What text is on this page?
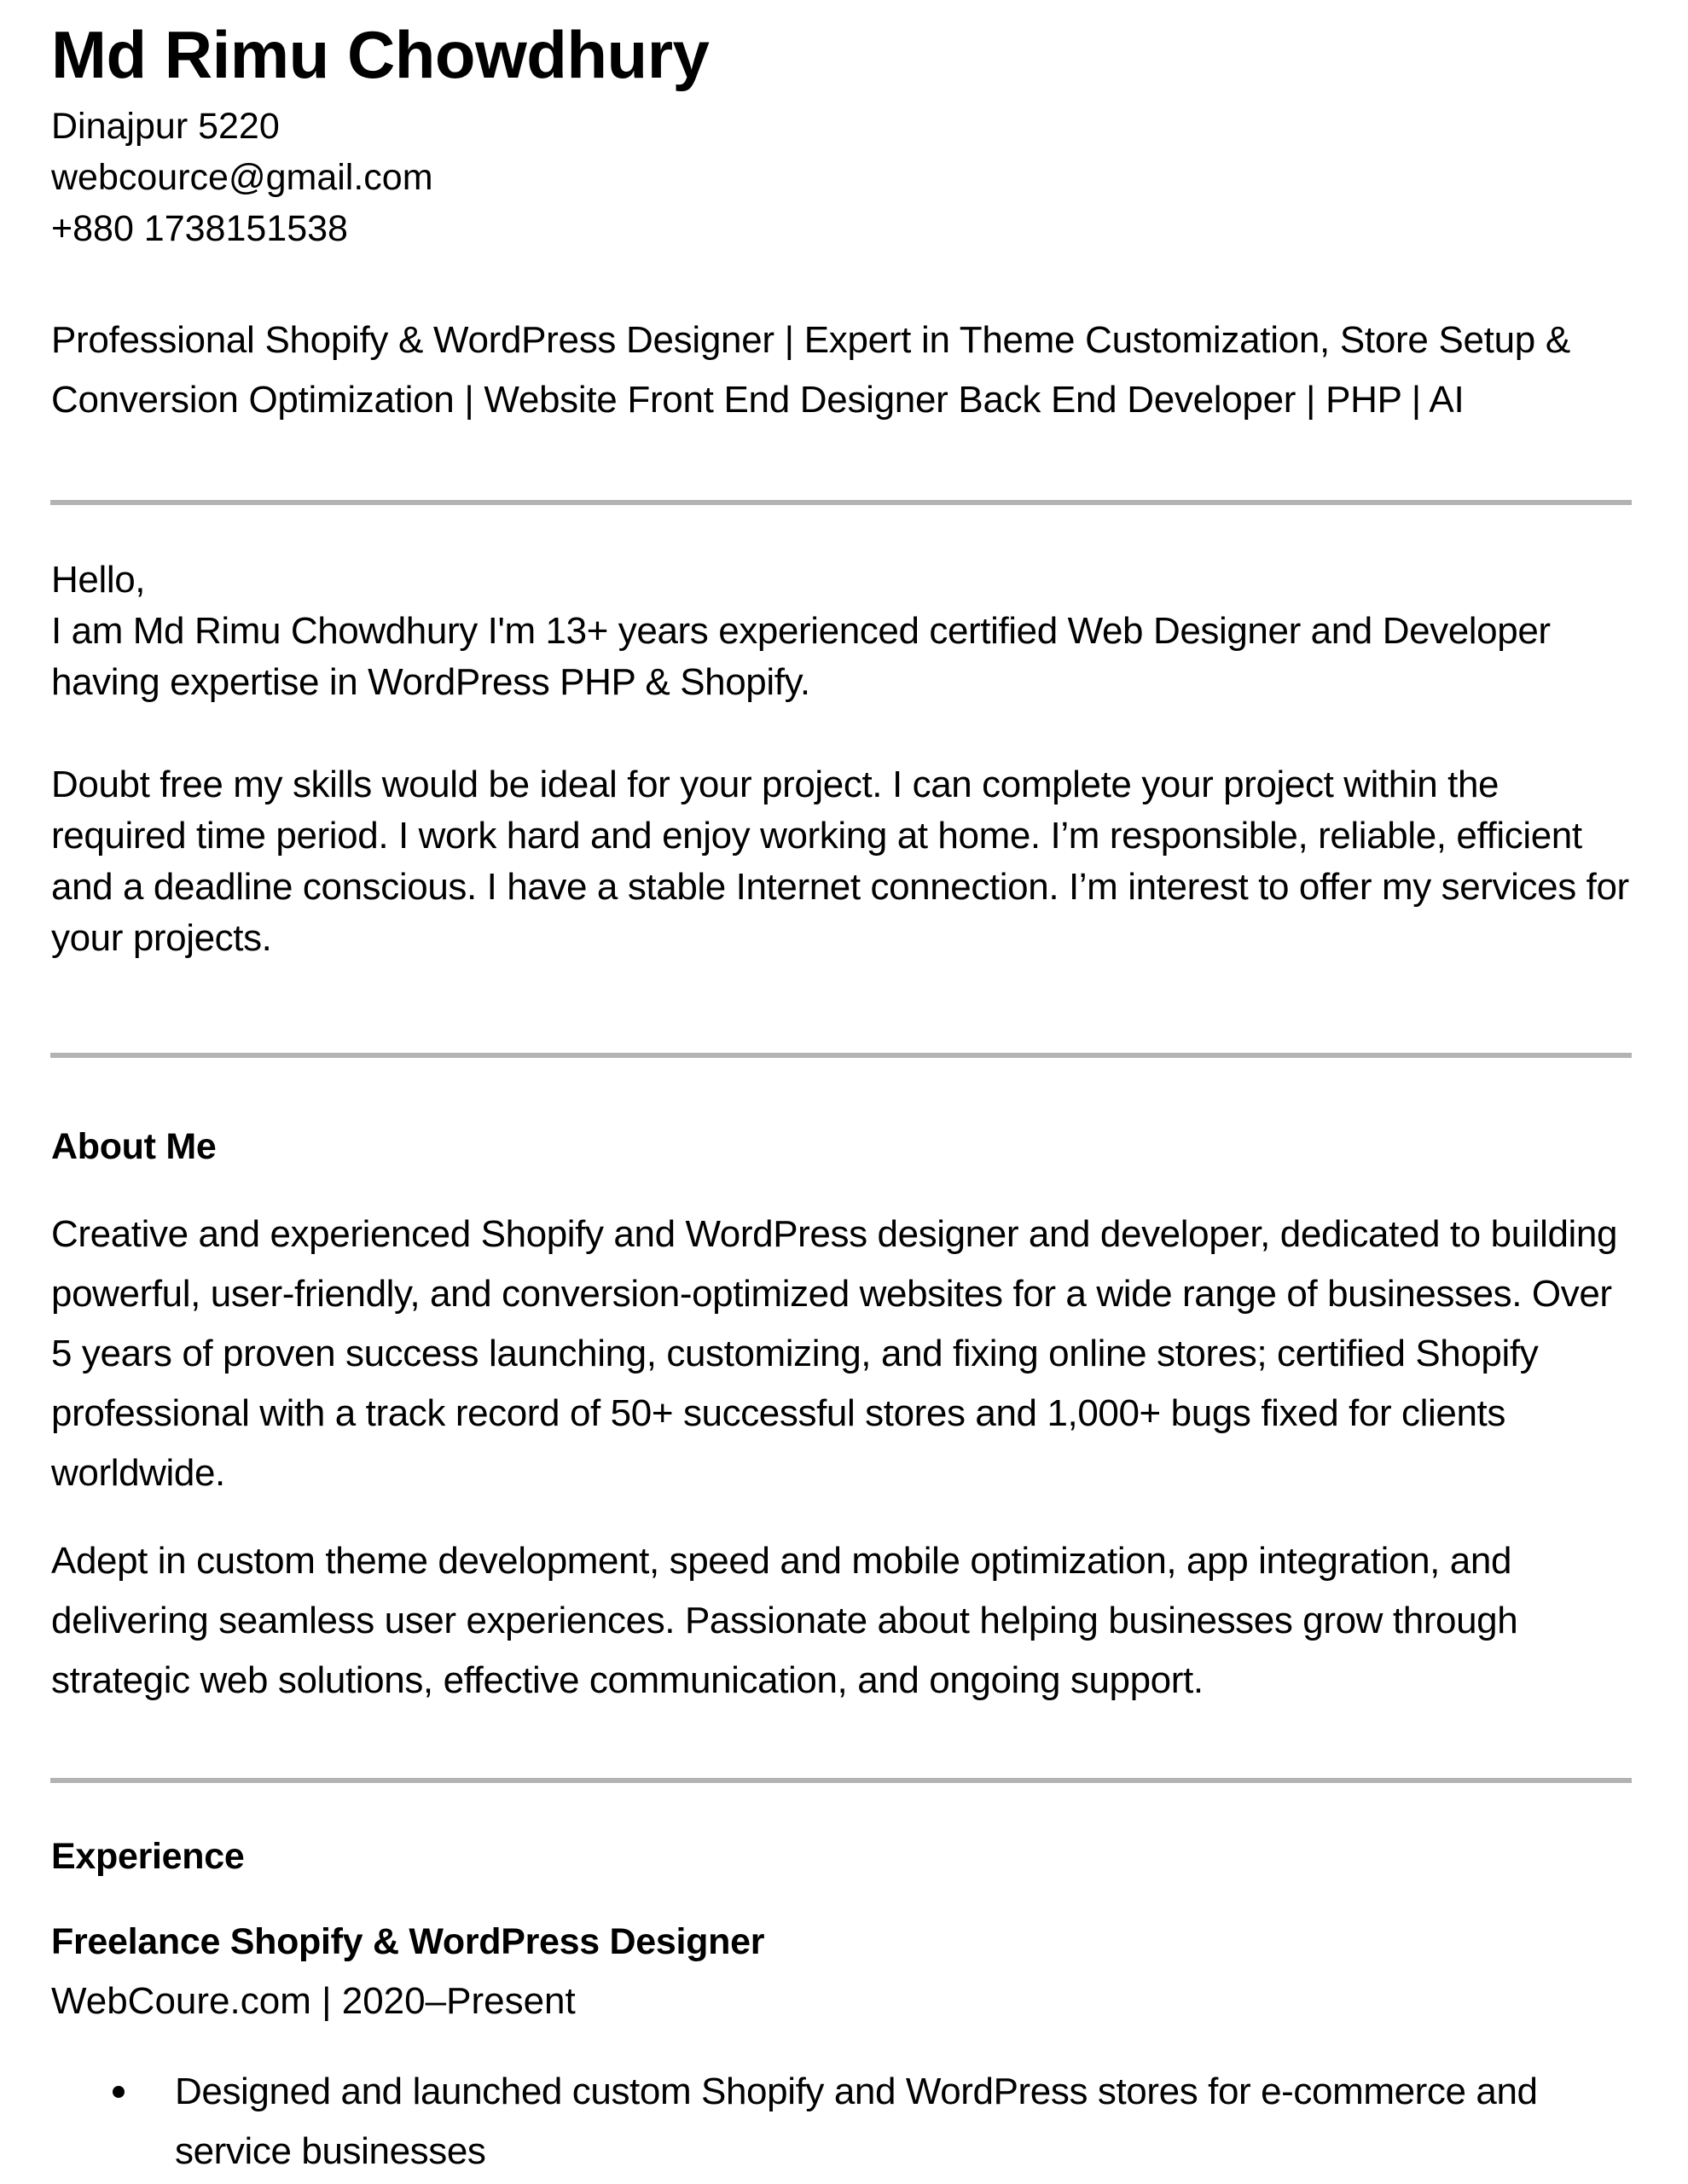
Md Rimu Chowdhury
Dinajpur 5220
webcource@gmail.com
+880 1738151538
Professional Shopify & WordPress Designer | Expert in Theme Customization, Store Setup & Conversion Optimization | Website Front End Designer Back End Developer | PHP | AI
Hello,

I am Md Rimu Chowdhury I'm 13+ years experienced certified Web Designer and Developer having expertise in WordPress PHP & Shopify.

Doubt free my skills would be ideal for your project. I can complete your project within the required time period. I work hard and enjoy working at home. I’m responsible, reliable, efficient and a deadline conscious. I have a stable Internet connection. I’m interest to offer my services for your projects.

About Me

Creative and experienced Shopify and WordPress designer and developer, dedicated to building powerful, user-friendly, and conversion-optimized websites for a wide range of businesses. Over 5 years of proven success launching, customizing, and fixing online stores; certified Shopify professional with a track record of 50+ successful stores and 1,000+ bugs fixed for clients worldwide.

Adept in custom theme development, speed and mobile optimization, app integration, and delivering seamless user experiences. Passionate about helping businesses grow through strategic web solutions, effective communication, and ongoing support.

Experience
Freelance Shopify & WordPress Designer
WebCoure.com | 2020–Present
Designed and launched custom Shopify and WordPress stores for e-commerce and service businesses
